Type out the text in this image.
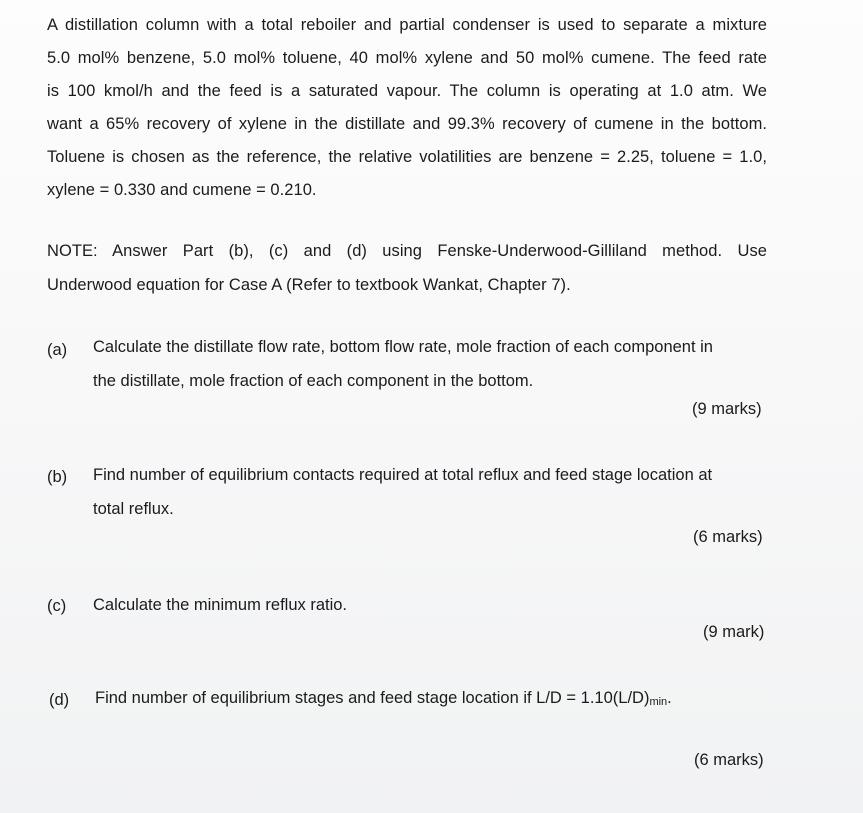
A distillation column with a total reboiler and partial condenser is used to separate a mixture
5.0 mol% benzene, 5.0 mol% toluene, 40 mol% xylene and 50 mol% cumene. The feed rate
is 100 kmol/h and the feed is a saturated vapour. The column is operating at 1.0 atm. We
want a 65% recovery of xylene in the distillate and 99.3% recovery of cumene in the bottom.
Toluene is chosen as the reference, the relative volatilities are benzene = 2.25, toluene = 1.0,
xylene = 0.330 and cumene = 0.210.
NOTE: Answer Part (b), (c) and (d) using Fenske-Underwood-Gilliland method. Use
Underwood equation for Case A (Refer to textbook Wankat, Chapter 7).
(a) Calculate the distillate flow rate, bottom flow rate, mole fraction of each component in
the distillate, mole fraction of each component in the bottom.
(9 marks)
(b) Find number of equilibrium contacts required at total reflux and feed stage location at
total reflux.
(6 marks)
(c) Calculate the minimum reflux ratio.
(9 mark)
(d) Find number of equilibrium stages and feed stage location if $L/D = 1.10(L/D)_{min}$.
(6 marks)
